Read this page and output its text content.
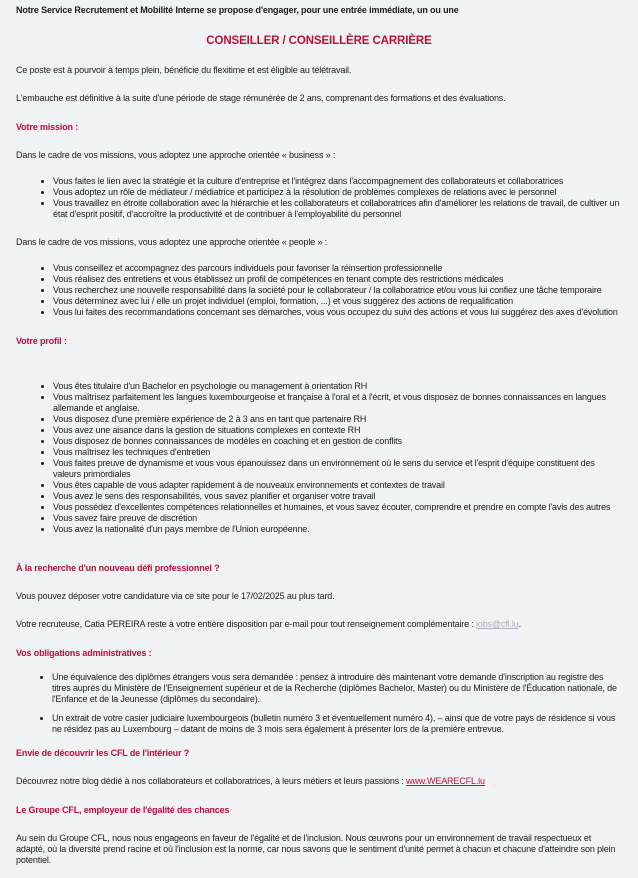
Notre Service Recrutement et Mobilité Interne se propose d'engager, pour une entrée immédiate, un ou une

CONSEILLER / CONSEILLÈRE CARRIÈRE

Ce poste est à pourvoir à temps plein, bénéficie du flexitime et est éligible au télétravail.

L'embauche est définitive à la suite d'une période de stage rémunérée de 2 ans, comprenant des formations et des évaluations.

Votre mission :

Dans le cadre de vos missions, vous adoptez une approche orientée « business » :

• Vous faites le lien avec la stratégie et la culture d'entreprise et l'intégrez dans l'accompagnement des collaborateurs et collaboratrices
• Vous adoptez un rôle de médiateur / médiatrice et participez à la résolution de problèmes complexes de relations avec le personnel
• Vous travaillez en étroite collaboration avec la hiérarchie et les collaborateurs et collaboratrices afin d'améliorer les relations de travail, de cultiver un état d'esprit positif, d'accroître la productivité et de contribuer à l'employabilité du personnel

Dans le cadre de vos missions, vous adoptez une approche orientée « people » :

• Vous conseillez et accompagnez des parcours individuels pour favoriser la réinsertion professionnelle
• Vous réalisez des entretiens et vous établissez un profil de compétences en tenant compte des restrictions médicales
• Vous recherchez une nouvelle responsabilité dans la société pour le collaborateur / la collaboratrice et/ou vous lui confiez une tâche temporaire
• Vous déterminez avec lui / elle un projet individuel (emploi, formation, ...) et vous suggérez des actions de requalification
• Vous lui faites des recommandations concernant ses démarches, vous vous occupez du suivi des actions et vous lui suggérez des axes d'évolution
Votre profil :
• Vous êtes titulaire d'un Bachelor en psychologie ou management à orientation RH
• Vous maîtrisez parfaitement les langues luxembourgeoise et française à l'oral et à l'écrit, et vous disposez de bonnes connaissances en langues allemande et anglaise.
• Vous disposez d'une première expérience de 2 à 3 ans en tant que partenaire RH
• Vous avez une aisance dans la gestion de situations complexes en contexte RH
• Vous disposez de bonnes connaissances de modèles en coaching et en gestion de conflits
• Vous maîtrisez les techniques d'entretien
• Vous faites preuve de dynamisme et vous vous épanouissez dans un environnement où le sens du service et l'esprit d'équipe constituent des valeurs primordiales
• Vous êtes capable de vous adapter rapidement à de nouveaux environnements et contextes de travail
• Vous avez le sens des responsabilités, vous savez planifier et organiser votre travail
• Vous possédez d'excellentes compétences relationnelles et humaines, et vous savez écouter, comprendre et prendre en compte l'avis des autres
• Vous savez faire preuve de discrétion
• Vous avez la nationalité d'un pays membre de l'Union européenne.
À la recherche d'un nouveau défi professionnel ?

Vous pouvez déposer votre candidature via ce site pour le 17/02/2025 au plus tard.

Votre recruteuse, Catia PEREIRA reste à votre entière disposition par e-mail pour tout renseignement complémentaire : jobs@cfl.lu.

Vos obligations administratives :
• Une équivalence des diplômes étrangers vous sera demandée : pensez à introduire dès maintenant votre demande d'inscription au registre des titres auprès du Ministère de l'Enseignement supérieur et de la Recherche (diplômes Bachelor, Master) ou du Ministère de l'Éducation nationale, de l'Enfance et de la Jeunesse (diplômes du secondaire).
• Un extrait de votre casier judiciaire luxembourgeois (bulletin numéro 3 et éventuellement numéro 4), – ainsi que de votre pays de résidence si vous ne résidez pas au Luxembourg – datant de moins de 3 mois sera également à présenter lors de la première entrevue.
Envie de découvrir les CFL de l'intérieur ?

Découvrez notre blog dédié à nos collaborateurs et collaboratrices, à leurs métiers et leurs passions : www.WEARECFL.lu

Le Groupe CFL, employeur de l'égalité des chances

Au sein du Groupe CFL, nous nous engageons en faveur de l'égalité et de l'inclusion. Nous œuvrons pour un environnement de travail respectueux et adapté, où la diversité prend racine et où l'inclusion est la norme, car nous savons que le sentiment d'unité permet à chacun et chacune d'atteindre son plein potentiel.
